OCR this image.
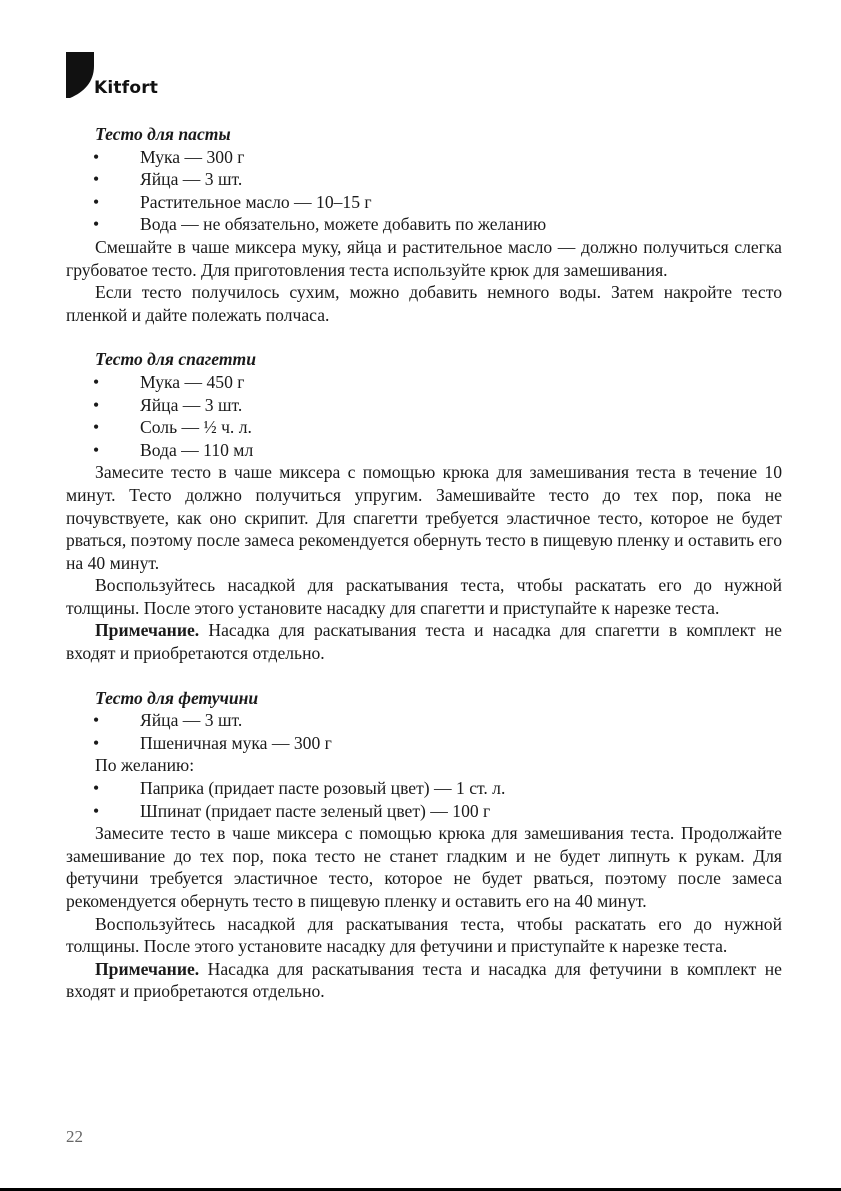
Kitfort

Тесто для пасты

• Мука — 300 г
• Яйца — 3 шт.
• Растительное масло — 10–15 г
• Вода — не обязательно, можете добавить по желанию

Смешайте в чаше миксера муку, яйца и растительное масло — должно получиться слегка грубоватое тесто. Для приготовления теста используйте крюк для замешивания.

Если тесто получилось сухим, можно добавить немного воды. Затем накройте тесто пленкой и дайте полежать полчаса.

Тесто для спагетти

• Мука — 450 г
• Яйца — 3 шт.
• Соль — ½ ч. л.
• Вода — 110 мл

Замесите тесто в чаше миксера с помощью крюка для замешивания теста в течение 10 минут. Тесто должно получиться упругим. Замешивайте тесто до тех пор, пока не почувствуете, как оно скрипит. Для спагетти требуется эластичное тесто, которое не будет рваться, поэтому после замеса рекомендуется обернуть тесто в пищевую пленку и оставить его на 40 минут.

Воспользуйтесь насадкой для раскатывания теста, чтобы раскатать его до нужной толщины. После этого установите насадку для спагетти и приступайте к нарезке теста.

Примечание. Насадка для раскатывания теста и насадка для спагетти в комплект не входят и приобретаются отдельно.

Тесто для фетучини

• Яйца — 3 шт.
• Пшеничная мука — 300 г

По желанию:

• Паприка (придает пасте розовый цвет) — 1 ст. л.
• Шпинат (придает пасте зеленый цвет) — 100 г

Замесите тесто в чаше миксера с помощью крюка для замешивания теста. Продолжайте замешивание до тех пор, пока тесто не станет гладким и не будет липнуть к рукам. Для фетучини требуется эластичное тесто, которое не будет рваться, поэтому после замеса рекомендуется обернуть тесто в пищевую пленку и оставить его на 40 минут.

Воспользуйтесь насадкой для раскатывания теста, чтобы раскатать его до нужной толщины. После этого установите насадку для фетучини и приступайте к нарезке теста.

Примечание. Насадка для раскатывания теста и насадка для фетучини в комплект не входят и приобретаются отдельно.

22
